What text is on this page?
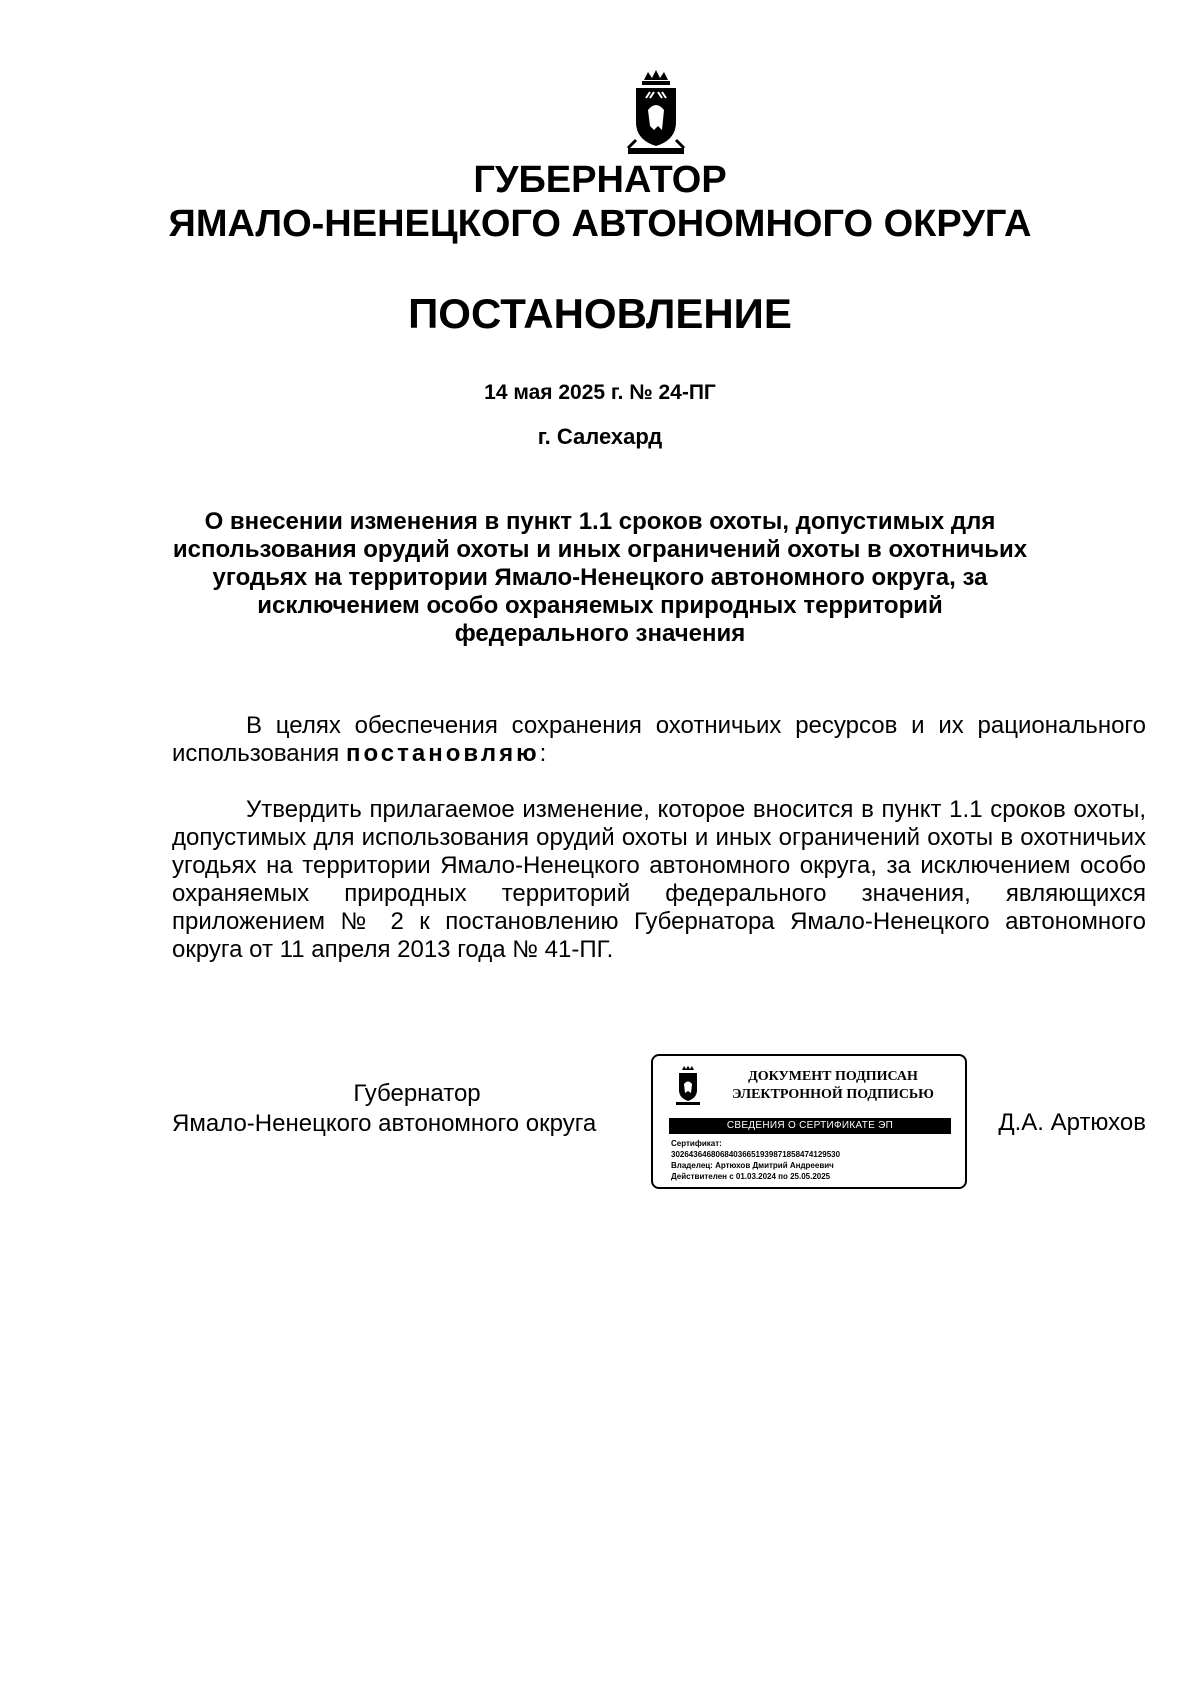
ГУБЕРНАТОР
ЯМАЛО-НЕНЕЦКОГО АВТОНОМНОГО ОКРУГА
ПОСТАНОВЛЕНИЕ
14 мая 2025 г. № 24-ПГ
г. Салехард
О внесении изменения в пункт 1.1 сроков охоты, допустимых для
использования орудий охоты и иных ограничений охоты в охотничьих
угодьях на территории Ямало-Ненецкого автономного округа, за
исключением особо охраняемых природных территорий
федерального значения
В целях обеспечения сохранения охотничьих ресурсов и их рационального использования постановляю:
Утвердить прилагаемое изменение, которое вносится в пункт 1.1 сроков охоты, допустимых для использования орудий охоты и иных ограничений охоты в охотничьих угодьях на территории Ямало-Ненецкого автономного округа, за исключением особо охраняемых природных территорий федерального значения, являющихся приложением № 2 к постановлению Губернатора Ямало-Ненецкого автономного округа от 11 апреля 2013 года № 41-ПГ.
Губернатор
Ямало-Ненецкого автономного округа
ДОКУМЕНТ ПОДПИСАН
ЭЛЕКТРОННОЙ ПОДПИСЬЮ
СВЕДЕНИЯ О СЕРТИФИКАТЕ ЭП
Сертификат:
30264364680684036651939871858474129530
Владелец: Артюхов Дмитрий Андреевич
Действителен с 01.03.2024 по 25.05.2025
Д.А. Артюхов
